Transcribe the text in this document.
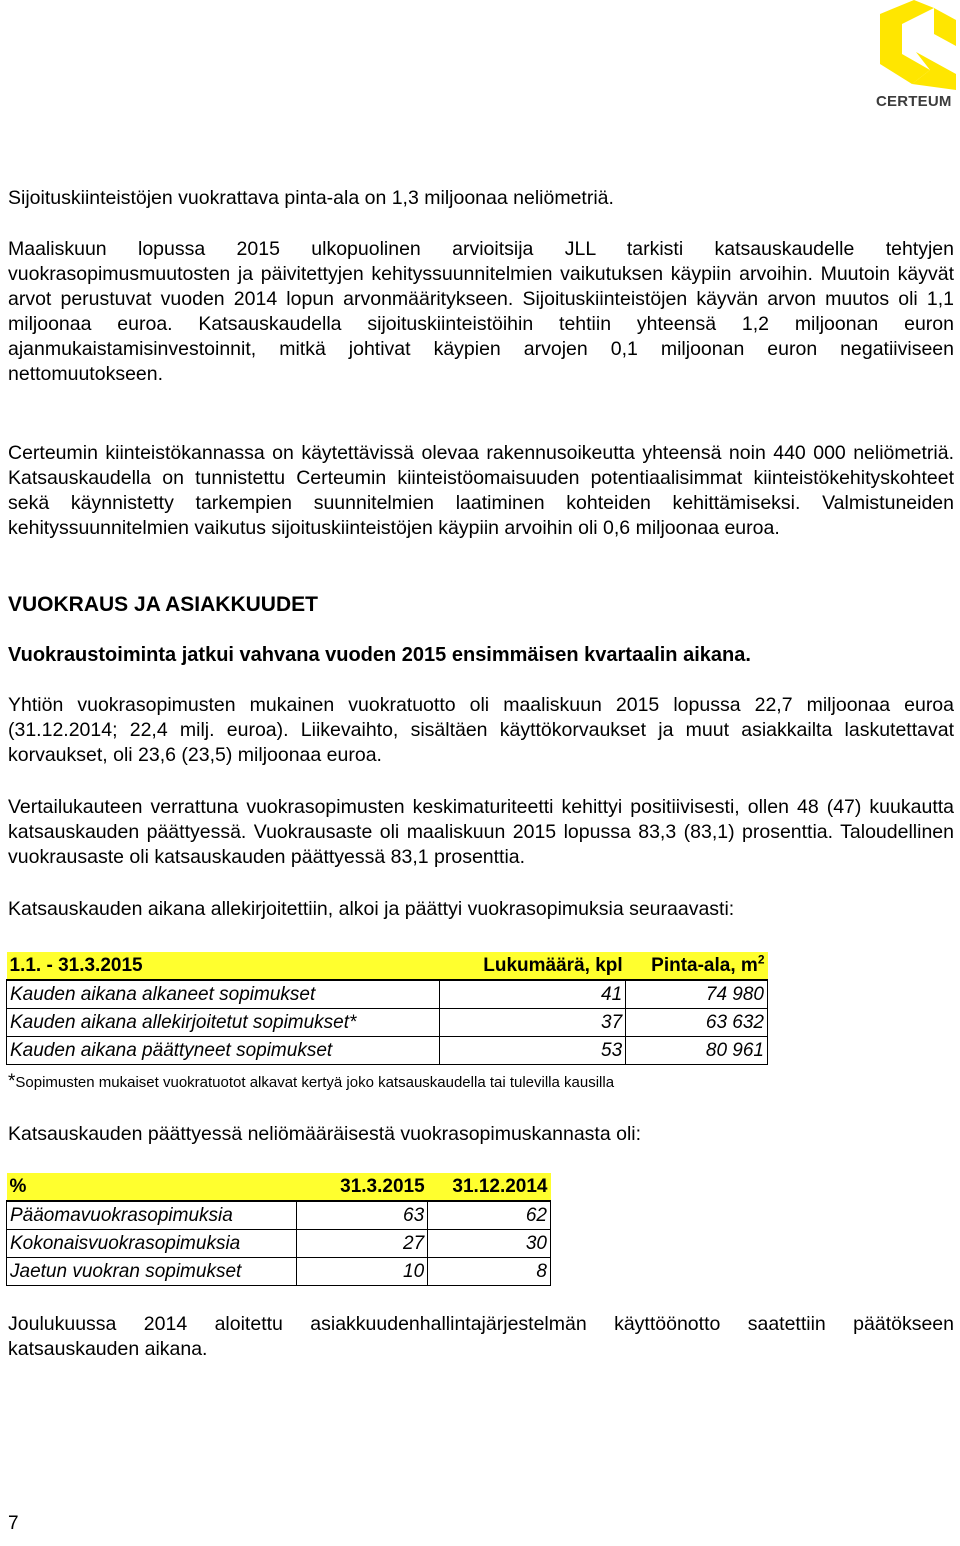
CERTEUM

Sijoituskiinteistöjen vuokrattava pinta-ala on 1,3 miljoonaa neliömetriä.

Maaliskuun lopussa 2015 ulkopuolinen arvioitsija JLL tarkisti katsauskaudelle tehtyjen vuokrasopimusmuutosten ja päivitettyjen kehityssuunnitelmien vaikutuksen käypiin arvoihin. Muutoin käyvät arvot perustuvat vuoden 2014 lopun arvonmääritykseen. Sijoituskiinteistöjen käyvän arvon muutos oli 1,1 miljoonaa euroa. Katsauskaudella sijoituskiinteistöihin tehtiin yhteensä 1,2 miljoonan euron ajanmukaistamisinvestoinnit, mitkä johtivat käypien arvojen 0,1 miljoonan euron negatiiviseen nettomuutokseen.

Certeumin kiinteistökannassa on käytettävissä olevaa rakennusoikeutta yhteensä noin 440 000 neliömetriä. Katsauskaudella on tunnistettu Certeumin kiinteistöomaisuuden potentiaalisimmat kiinteistökehityskohteet sekä käynnistetty tarkempien suunnitelmien laatiminen kohteiden kehittämiseksi. Valmistuneiden kehityssuunnitelmien vaikutus sijoituskiinteistöjen käypiin arvoihin oli 0,6 miljoonaa euroa.

VUOKRAUS JA ASIAKKUUDET
Vuokraustoiminta jatkui vahvana vuoden 2015 ensimmäisen kvartaalin aikana.

Yhtiön vuokrasopimusten mukainen vuokratuotto oli maaliskuun 2015 lopussa 22,7 miljoonaa euroa (31.12.2014; 22,4 milj. euroa). Liikevaihto, sisältäen käyttökorvaukset ja muut asiakkailta laskutettavat korvaukset, oli 23,6 (23,5) miljoonaa euroa.

Vertailukauteen verrattuna vuokrasopimusten keskimaturiteetti kehittyi positiivisesti, ollen 48 (47) kuukautta katsauskauden päättyessä. Vuokrausaste oli maaliskuun 2015 lopussa 83,3 (83,1) prosenttia. Taloudellinen vuokrausaste oli katsauskauden päättyessä 83,1 prosenttia.

Katsauskauden aikana allekirjoitettiin, alkoi ja päättyi vuokrasopimuksia seuraavasti:

1.1. - 31.3.2015	Lukumäärä, kpl	Pinta-ala, $m^2$
Kauden aikana alkaneet sopimukset	41	74 980
Kauden aikana allekirjoitetut sopimukset*	37	63 632
Kauden aikana päättyneet sopimukset	53	80 961
*Sopimusten mukaiset vuokratuotot alkavat kertyä joko katsauskaudella tai tulevilla kausilla

Katsauskauden päättyessä neliömääräisestä vuokrasopimuskannasta oli:

%	31.3.2015	31.12.2014
Pääomavuokrasopimuksia	63	62
Kokonaisvuokrasopimuksia	27	30
Jaetun vuokran sopimukset	10	8

Joulukuussa 2014 aloitettu asiakkuudenhallintajärjestelmän käyttöönotto saatettiin päätökseen katsauskauden aikana.

7
